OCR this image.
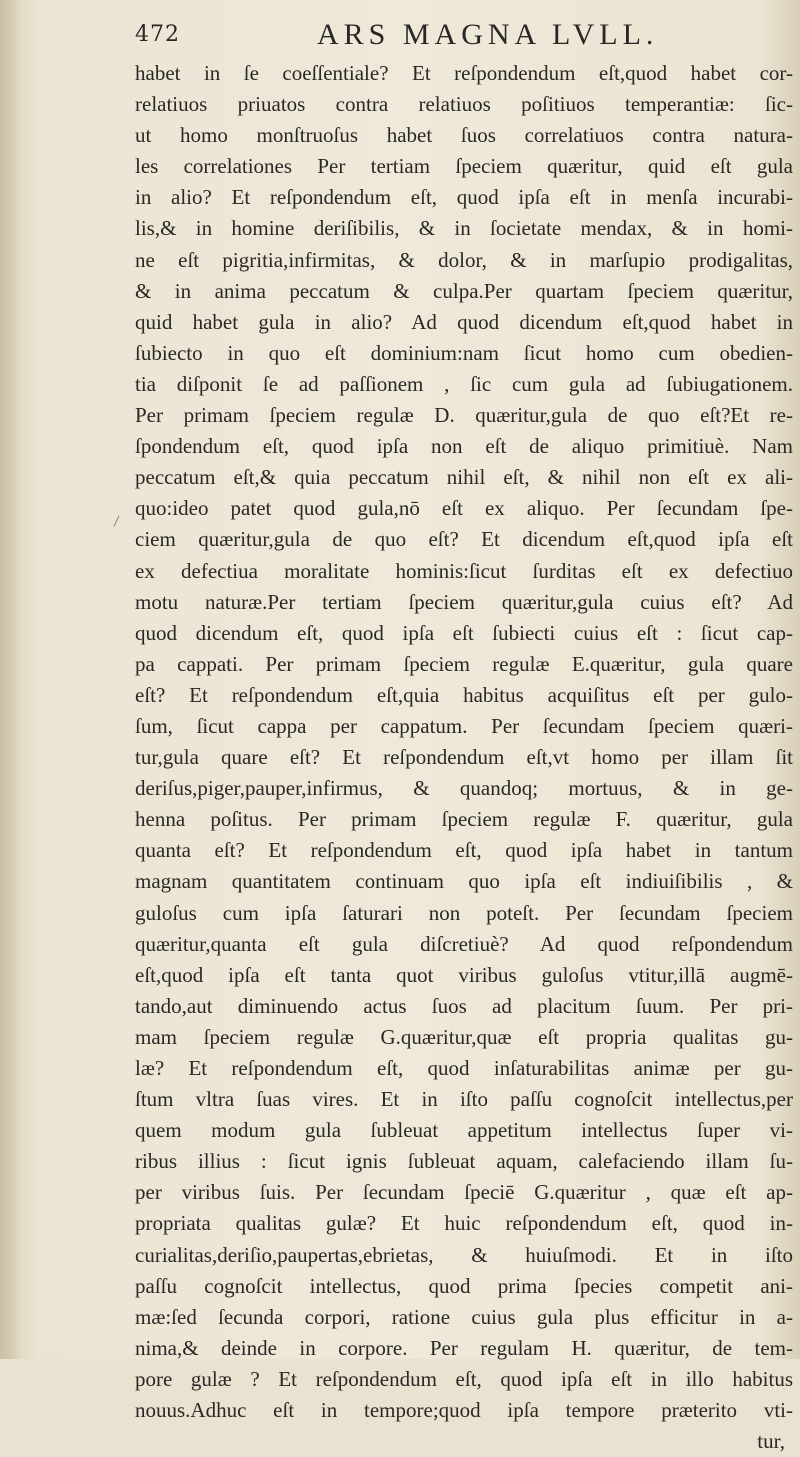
472	ARS MAGNA LVLL.
habet in ſe coeſſentiale? Et reſpondendum eſt,quod habet cor-
relatiuos priuatos contra relatiuos poſitiuos temperantiæ: ſic-
ut homo monſtruoſus habet ſuos correlatiuos contra natura-
les correlationes Per tertiam ſpeciem quæritur, quid eſt gula
in alio? Et reſpondendum eſt, quod ipſa eſt in menſa incurabi-
lis,& in homine deriſibilis, & in ſocietate mendax, & in homi-
ne eſt pigritia,infirmitas, & dolor, & in marſupio prodigalitas,
& in anima peccatum & culpa.Per quartam ſpeciem quæritur,
quid habet gula in alio? Ad quod dicendum eſt,quod habet in
ſubiecto in quo eſt dominium:nam ſicut homo cum obedien-
tia diſponit ſe ad paſſionem , ſic cum gula ad ſubiugationem.
Per primam ſpeciem regulæ D. quæritur,gula de quo eſt?Et re-
ſpondendum eſt, quod ipſa non eſt de aliquo primitiuè. Nam
peccatum eſt,& quia peccatum nihil eſt, & nihil non eſt ex ali-
quo:ideo patet quod gula,nō eſt ex aliquo. Per ſecundam ſpe-
ciem quæritur,gula de quo eſt? Et dicendum eſt,quod ipſa eſt
ex defectiua moralitate hominis:ſicut ſurditas eſt ex defectiuo
motu naturæ.Per tertiam ſpeciem quæritur,gula cuius eſt? Ad
quod dicendum eſt, quod ipſa eſt ſubiecti cuius eſt : ſicut cap-
pa cappati. Per primam ſpeciem regulæ E.quæritur, gula quare
eſt? Et reſpondendum eſt,quia habitus acquiſitus eſt per gulo-
ſum, ſicut cappa per cappatum. Per ſecundam ſpeciem quæri-
tur,gula quare eſt? Et reſpondendum eſt,vt homo per illam ſit
deriſus,piger,pauper,infirmus, & quandoq; mortuus, & in ge-
henna poſitus. Per primam ſpeciem regulæ F. quæritur, gula
quanta eſt? Et reſpondendum eſt, quod ipſa habet in tantum
magnam quantitatem continuam quo ipſa eſt indiuiſibilis , &
guloſus cum ipſa ſaturari non poteſt. Per ſecundam ſpeciem
quæritur,quanta eſt gula diſcretiuè? Ad quod reſpondendum
eſt,quod ipſa eſt tanta quot viribus guloſus vtitur,illā augmē-
tando,aut diminuendo actus ſuos ad placitum ſuum. Per pri-
mam ſpeciem regulæ G.quæritur,quæ eſt propria qualitas gu-
læ? Et reſpondendum eſt, quod inſaturabilitas animæ per gu-
ſtum vltra ſuas vires. Et in iſto paſſu cognoſcit intellectus,per
quem modum gula ſubleuat appetitum intellectus ſuper vi-
ribus illius : ſicut ignis ſubleuat aquam, calefaciendo illam ſu-
per viribus ſuis. Per ſecundam ſpeciē G.quæritur , quæ eſt ap-
propriata qualitas gulæ? Et huic reſpondendum eſt, quod in-
curialitas,deriſio,paupertas,ebrietas, & huiuſmodi. Et in iſto
paſſu cognoſcit intellectus, quod prima ſpecies competit ani-
mæ:ſed ſecunda corpori, ratione cuius gula plus efficitur in a-
nima,& deinde in corpore. Per regulam H. quæritur, de tem-
pore gulæ ? Et reſpondendum eſt, quod ipſa eſt in illo habitus
nouus.Adhuc eſt in tempore;quod ipſa tempore præterito vti-
tur,
